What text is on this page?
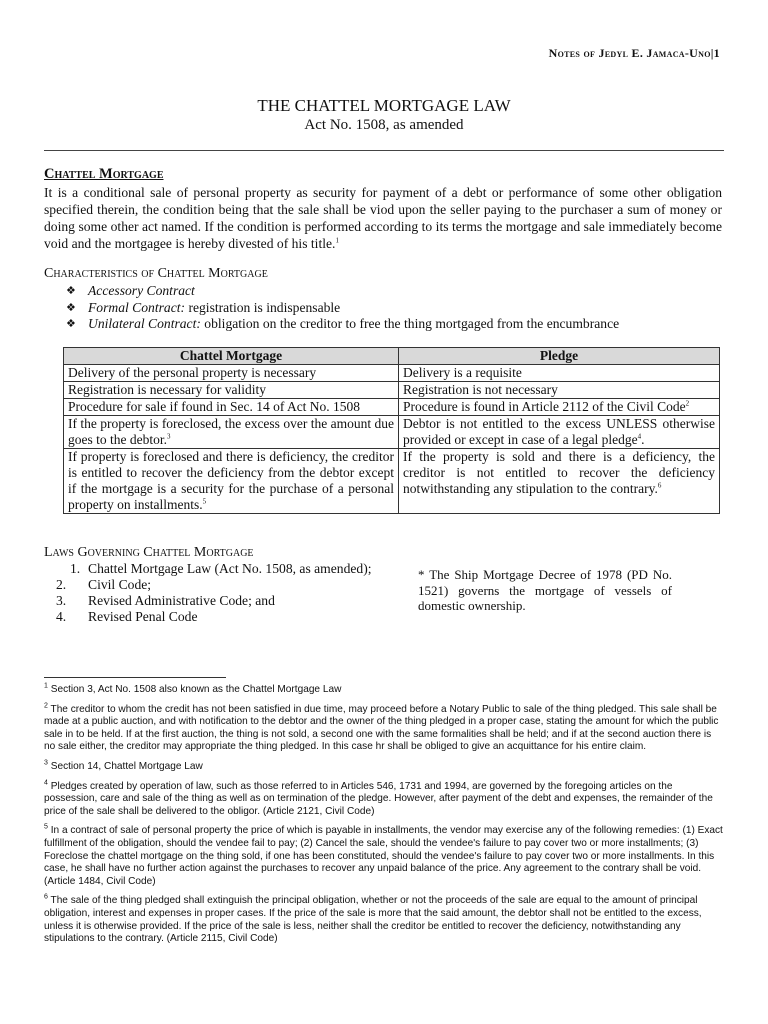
Notes of Jedyl E. Jamaca-Uno|1
THE CHATTEL MORTGAGE LAW
Act No. 1508, as amended
Chattel Mortgage
It is a conditional sale of personal property as security for payment of a debt or performance of some other obligation specified therein, the condition being that the sale shall be viod upon the seller paying to the purchaser a sum of money or doing some other act named. If the condition is performed according to its terms the mortgage and sale immediately become void and the mortgagee is hereby divested of his title.$^1$
Characteristics of Chattel Mortgage
❖ Accessory Contract
❖ Formal Contract: registration is indispensable
❖ Unilateral Contract: obligation on the creditor to free the thing mortgaged from the encumbrance
Chattel Mortgage	Pledge
Delivery of the personal property is necessary	Delivery is a requisite
Registration is necessary for validity	Registration is not necessary
Procedure for sale if found in Sec. 14 of Act No. 1508	Procedure is found in Article 2112 of the Civil Code$^2$
If the property is foreclosed, the excess over the amount due goes to the debtor.$^3$	Debtor is not entitled to the excess UNLESS otherwise provided or except in case of a legal pledge$^4$.
If property is foreclosed and there is deficiency, the creditor is entitled to recover the deficiency from the debtor except if the mortgage is a security for the purchase of a personal property on installments.$^5$	If the property is sold and there is a deficiency, the creditor is not entitled to recover the deficiency notwithstanding any stipulation to the contrary.$^6$
Laws Governing Chattel Mortgage
1. Chattel Mortgage Law (Act No. 1508, as amended);
2.	Civil Code;
3.	Revised Administrative Code; and
4.	Revised Penal Code
* The Ship Mortgage Decree of 1978 (PD No. 1521) governs the mortgage of vessels of domestic ownership.
$^1$ Section 3, Act No. 1508 also known as the Chattel Mortgage Law
$^2$ The creditor to whom the credit has not been satisfied in due time, may proceed before a Notary Public to sale of the thing pledged. This sale shall be made at a public auction, and with notification to the debtor and the owner of the thing pledged in a proper case, stating the amount for which the public sale in to be held. If at the first auction, the thing is not sold, a second one with the same formalities shall be held; and if at the second auction there is no sale either, the creditor may appropriate the thing pledged. In this case hr shall be obliged to give an acquittance for his entire claim.
$^3$ Section 14, Chattel Mortgage Law
$^4$ Pledges created by operation of law, such as those referred to in Articles 546, 1731 and 1994, are governed by the foregoing articles on the possession, care and sale of the thing as well as on termination of the pledge. However, after payment of the debt and expenses, the remainder of the price of the sale shall be delivered to the obligor. (Article 2121, Civil Code)
$^5$ In a contract of sale of personal property the price of which is payable in installments, the vendor may exercise any of the following remedies: (1) Exact fulfillment of the obligation, should the vendee fail to pay; (2) Cancel the sale, should the vendee's failure to pay cover two or more installments; (3) Foreclose the chattel mortgage on the thing sold, if one has been constituted, should the vendee's failure to pay cover two or more installments. In this case, he shall have no further action against the purchases to recover any unpaid balance of the price. Any agreement to the contrary shall be void. (Article 1484, Civil Code)
$^6$ The sale of the thing pledged shall extinguish the principal obligation, whether or not the proceeds of the sale are equal to the amount of principal obligation, interest and expenses in proper cases. If the price of the sale is more that the said amount, the debtor shall not be entitled to the excess, unless it is otherwise provided. If the price of the sale is less, neither shall the creditor be entitled to recover the deficiency, notwithstanding any stipulations to the contrary. (Article 2115, Civil Code)
